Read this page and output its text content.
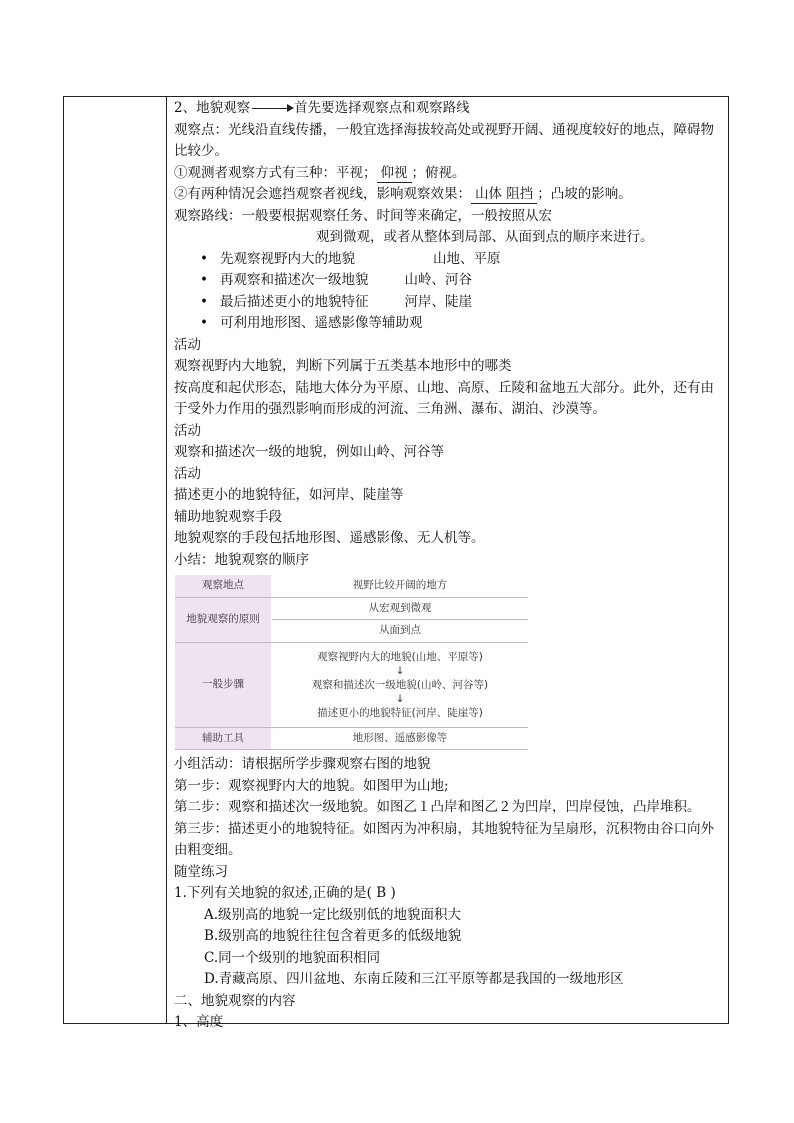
2、地貌观察	首先要选择观察点和观察路线
观察点：光线沿直线传播，一般宜选择海拔较高处或视野开阔、通视度较好的地点，障碍物比较少。
①观测者观察方式有三种：平视； 仰视 ；俯视。
②有两种情况会遮挡观察者视线，影响观察效果： 山体 阻挡 ；凸坡的影响。
观察路线：一般要根据观察任务、时间等来确定，一般按照从宏
观到微观，或者从整体到局部、从面到点的顺序来进行。
• 先观察视野内大的地貌	山地、平原
• 再观察和描述次一级地貌	山岭、河谷
• 最后描述更小的地貌特征	河岸、陡崖
• 可利用地形图、遥感影像等辅助观
活动
观察视野内大地貌，判断下列属于五类基本地形中的哪类
按高度和起伏形态，陆地大体分为平原、山地、高原、丘陵和盆地五大部分。此外，还有由于受外力作用的强烈影响而形成的河流、三角洲、瀑布、湖泊、沙漠等。
活动
观察和描述次一级的地貌，例如山岭、河谷等
活动
描述更小的地貌特征，如河岸、陡崖等
辅助地貌观察手段
地貌观察的手段包括地形图、遥感影像、无人机等。
小结：地貌观察的顺序
观察地点	视野比较开阔的地方
地貌观察的原则	从宏观到微观
	从面到点
一般步骤	观察视野内大的地貌(山地、平原等)
↓
观察和描述次一级地貌(山岭、河谷等)
↓
描述更小的地貌特征(河岸、陡崖等)

辅助工具	地形图、遥感影像等
小组活动：请根据所学步骤观察右图的地貌
第一步：观察视野内大的地貌。如图甲为山地;
第二步：观察和描述次一级地貌。如图乙１凸岸和图乙２为凹岸，凹岸侵蚀，凸岸堆积。
第三步：描述更小的地貌特征。如图丙为冲积扇，其地貌特征为呈扇形，沉积物由谷口向外由粗变细。
随堂练习
1.下列有关地貌的叙述,正确的是( B )
A.级别高的地貌一定比级别低的地貌面积大
B.级别高的地貌往往包含着更多的低级地貌
C.同一个级别的地貌面积相同
D.青藏高原、四川盆地、东南丘陵和三江平原等都是我国的一级地形区
二、地貌观察的内容
1、高度
